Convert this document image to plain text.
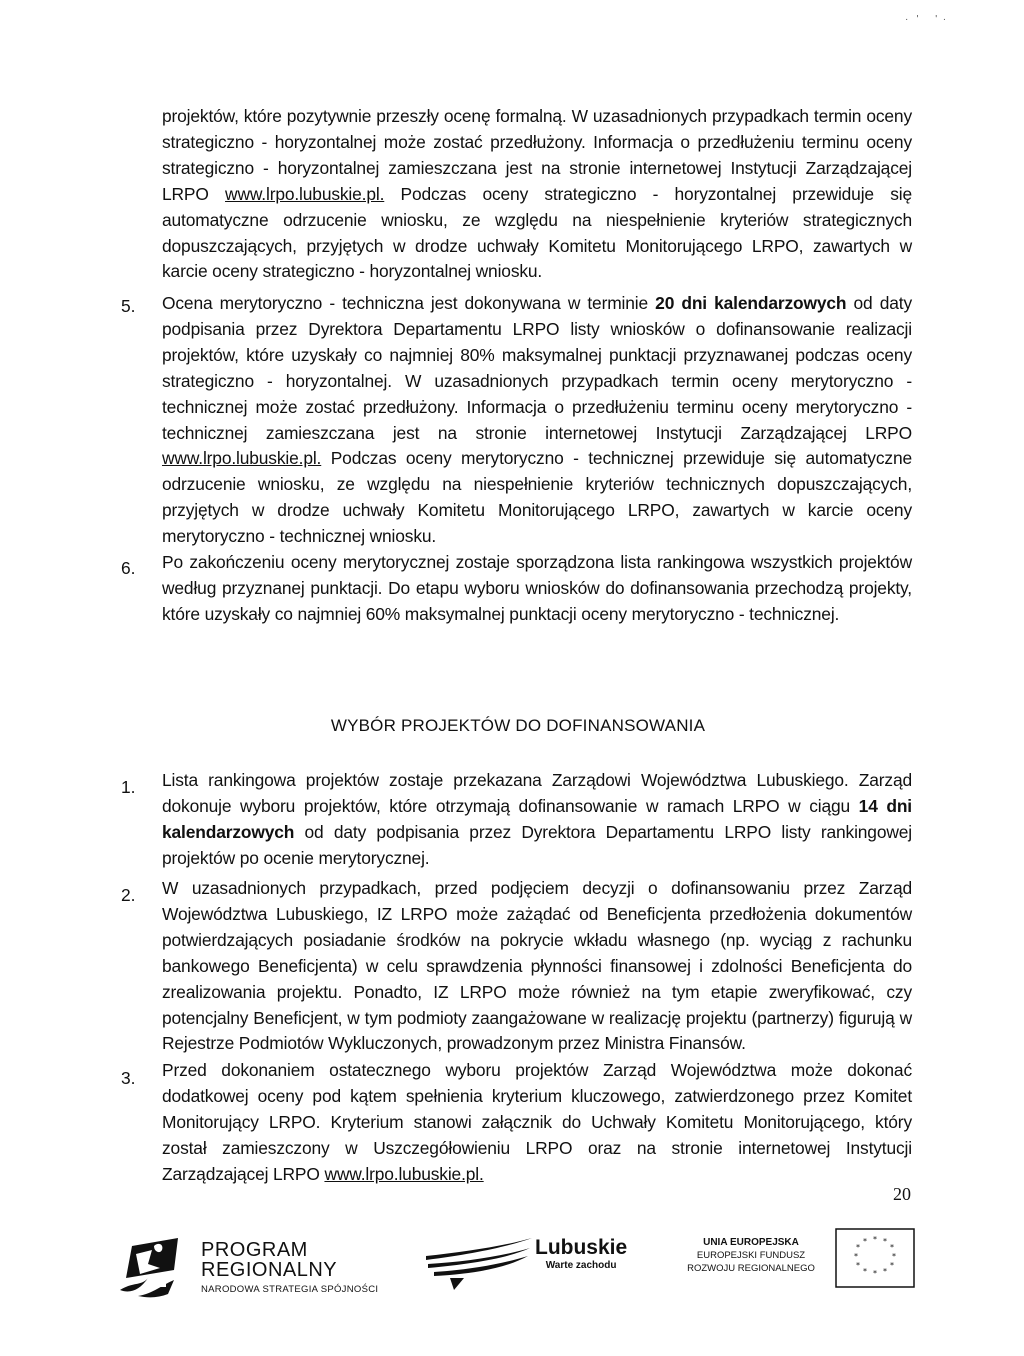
·   '      '  ·

projektów, które pozytywnie przeszły ocenę formalną. W uzasadnionych przypadkach termin oceny strategiczno - horyzontalnej może zostać przedłużony. Informacja o przedłużeniu terminu oceny strategiczno - horyzontalnej zamieszczana jest na stronie internetowej Instytucji Zarządzającej LRPO www.lrpo.lubuskie.pl. Podczas oceny strategiczno - horyzontalnej przewiduje się automatyczne odrzucenie wniosku, ze względu na niespełnienie kryteriów strategicznych dopuszczających, przyjętych w drodze uchwały Komitetu Monitorującego LRPO, zawartych w karcie oceny strategiczno - horyzontalnej wniosku.

5. Ocena merytoryczno - techniczna jest dokonywana w terminie 20 dni kalendarzowych od daty podpisania przez Dyrektora Departamentu LRPO listy wniosków o dofinansowanie realizacji projektów, które uzyskały co najmniej 80% maksymalnej punktacji przyznawanej podczas oceny strategiczno - horyzontalnej. W uzasadnionych przypadkach termin oceny merytoryczno - technicznej może zostać przedłużony. Informacja o przedłużeniu terminu oceny merytoryczno - technicznej zamieszczana jest na stronie internetowej Instytucji Zarządzającej LRPO www.lrpo.lubuskie.pl. Podczas oceny merytoryczno - technicznej przewiduje się automatyczne odrzucenie wniosku, ze względu na niespełnienie kryteriów technicznych dopuszczających, przyjętych w drodze uchwały Komitetu Monitorującego LRPO, zawartych w karcie oceny merytoryczno - technicznej wniosku.

6. Po zakończeniu oceny merytorycznej zostaje sporządzona lista rankingowa wszystkich projektów według przyznanej punktacji. Do etapu wyboru wniosków do dofinansowania przechodzą projekty, które uzyskały co najmniej 60% maksymalnej punktacji oceny merytoryczno - technicznej.

WYBÓR PROJEKTÓW DO DOFINANSOWANIA
1. Lista rankingowa projektów zostaje przekazana Zarządowi Województwa Lubuskiego. Zarząd dokonuje wyboru projektów, które otrzymają dofinansowanie w ramach LRPO w ciągu 14 dni kalendarzowych od daty podpisania przez Dyrektora Departamentu LRPO listy rankingowej projektów po ocenie merytorycznej.

2. W uzasadnionych przypadkach, przed podjęciem decyzji o dofinansowaniu przez Zarząd Województwa Lubuskiego, IZ LRPO może zażądać od Beneficjenta przedłożenia dokumentów potwierdzających posiadanie środków na pokrycie wkładu własnego (np. wyciąg z rachunku bankowego Beneficjenta) w celu sprawdzenia płynności finansowej i zdolności Beneficjenta do zrealizowania projektu. Ponadto, IZ LRPO może również na tym etapie zweryfikować, czy potencjalny Beneficjent, w tym podmioty zaangażowane w realizację projektu (partnerzy) figurują w Rejestrze Podmiotów Wykluczonych, prowadzonym przez Ministra Finansów.

3. Przed dokonaniem ostatecznego wyboru projektów Zarząd Województwa może dokonać dodatkowej oceny pod kątem spełnienia kryterium kluczowego, zatwierdzonego przez Komitet Monitorujący LRPO. Kryterium stanowi załącznik do Uchwały Komitetu Monitorującego, który został zamieszczony w Uszczegółowieniu LRPO oraz na stronie internetowej Instytucji Zarządzającej LRPO www.lrpo.lubuskie.pl.

20
PROGRAM
REGIONALNY
NARODOWA STRATEGIA SPÓJNOŚCI
Lubuskie
Warte zachodu
UNIA EUROPEJSKA
EUROPEJSKI FUNDUSZ
ROZWOJU REGIONALNEGO
* *
*
*
*
*
*
*
*
*
*
*
